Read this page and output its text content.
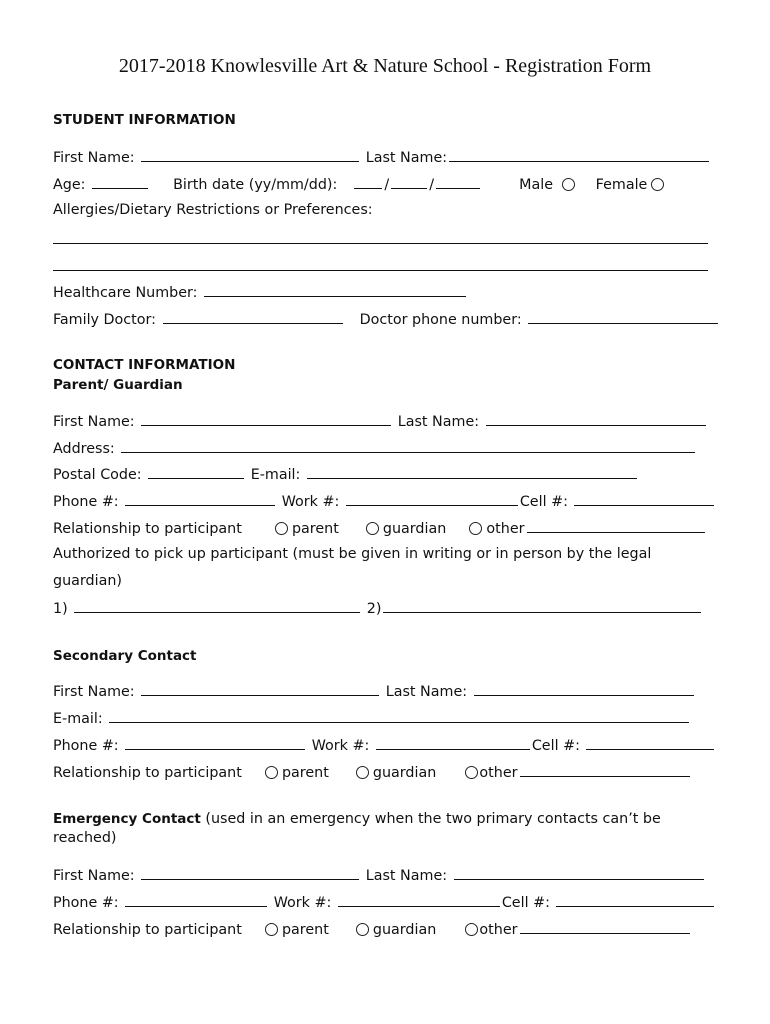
2017-2018 Knowlesville Art & Nature School - Registration Form
STUDENT INFORMATION
First Name:	Last Name:
Age:	Birth date (yy/mm/dd):	/	/	Male	Female
Allergies/Dietary Restrictions or Preferences:
Healthcare Number:
Family Doctor:	Doctor phone number:
CONTACT INFORMATION
Parent/ Guardian
First Name:	Last Name:
Address:
Postal Code:	E-mail:
Phone #:	Work #:	Cell #:
Relationship to participant	parent	guardian	other
Authorized to pick up participant (must be given in writing or in person by the legal
guardian)
1)	2)
Secondary Contact
First Name:	Last Name:
E-mail:
Phone #:	Work #:	Cell #:
Relationship to participant	parent	guardian	other
Emergency Contact (used in an emergency when the two primary contacts can’t be reached)
First Name:	Last Name:
Phone #:	Work #:	Cell #:
Relationship to participant	parent	guardian	other
